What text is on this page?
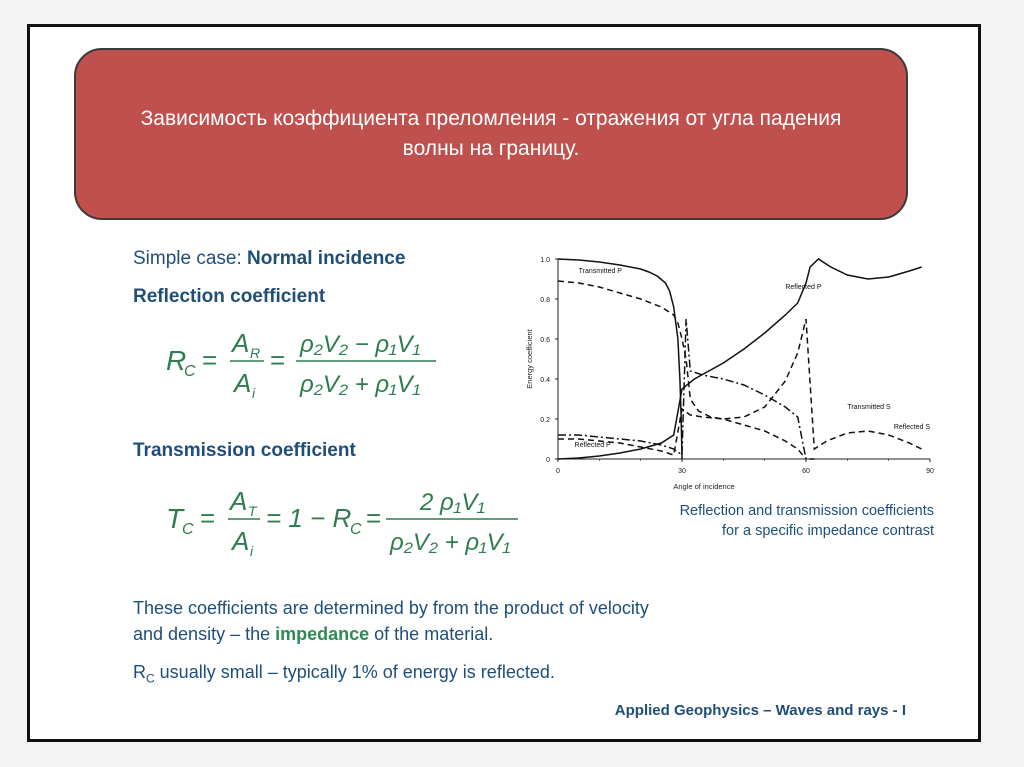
Зависимость коэффициента преломления - отражения от угла падения
волны на границу.
Simple case: Normal incidence
Reflection coefficient
R
C =
A R
A i
=
ρ₂V₂ − ρ₁V₁
ρ₂V₂ + ρ₁V₁
Transmission coefficient
T
C =
A T
A i
= 1 − R
C =
2 ρ₁V₁
ρ₂V₂ + ρ₁V₁
These coefficients are determined by from the product of velocity
and density – the impedance of the material.
$R_C$ usually small – typically 1% of energy is reflected.
0
0.2
0.4
0.6
0.8
1.0
0	30	60	90
Angle of incidence
Energy coefficient
Transmitted P
Reflected P
Transmitted S
Reflected S
Reflected P
Reflection and transmission coefficients
for a specific impedance contrast
Applied Geophysics – Waves and rays - I
